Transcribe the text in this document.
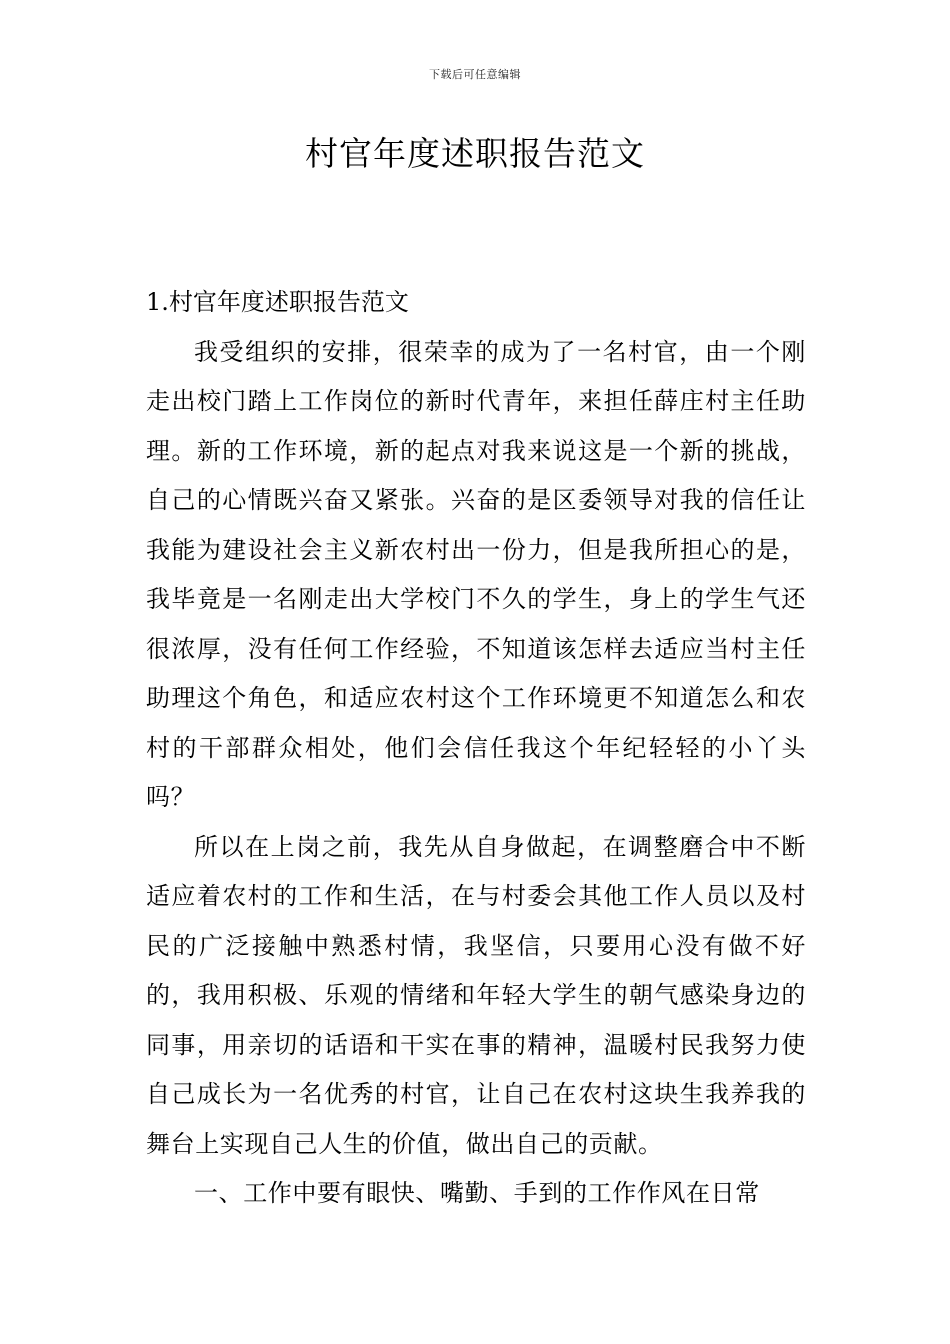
下载后可任意编辑
村官年度述职报告范文

1.村官年度述职报告范文

我受组织的安排，很荣幸的成为了一名村官，由一个刚走出校门踏上工作岗位的新时代青年，来担任薛庄村主任助理。新的工作环境，新的起点对我来说这是一个新的挑战，自己的心情既兴奋又紧张。兴奋的是区委领导对我的信任让我能为建设社会主义新农村出一份力，但是我所担心的是，我毕竟是一名刚走出大学校门不久的学生，身上的学生气还很浓厚，没有任何工作经验，不知道该怎样去适应当村主任助理这个角色，和适应农村这个工作环境更不知道怎么和农村的干部群众相处，他们会信任我这个年纪轻轻的小丫头吗？

所以在上岗之前，我先从自身做起，在调整磨合中不断适应着农村的工作和生活，在与村委会其他工作人员以及村民的广泛接触中熟悉村情，我坚信，只要用心没有做不好的，我用积极、乐观的情绪和年轻大学生的朝气感染身边的同事，用亲切的话语和干实在事的精神，温暖村民我努力使自己成长为一名优秀的村官，让自己在农村这块生我养我的舞台上实现自己人生的价值，做出自己的贡献。

一、工作中要有眼快、嘴勤、手到的工作作风在日常
